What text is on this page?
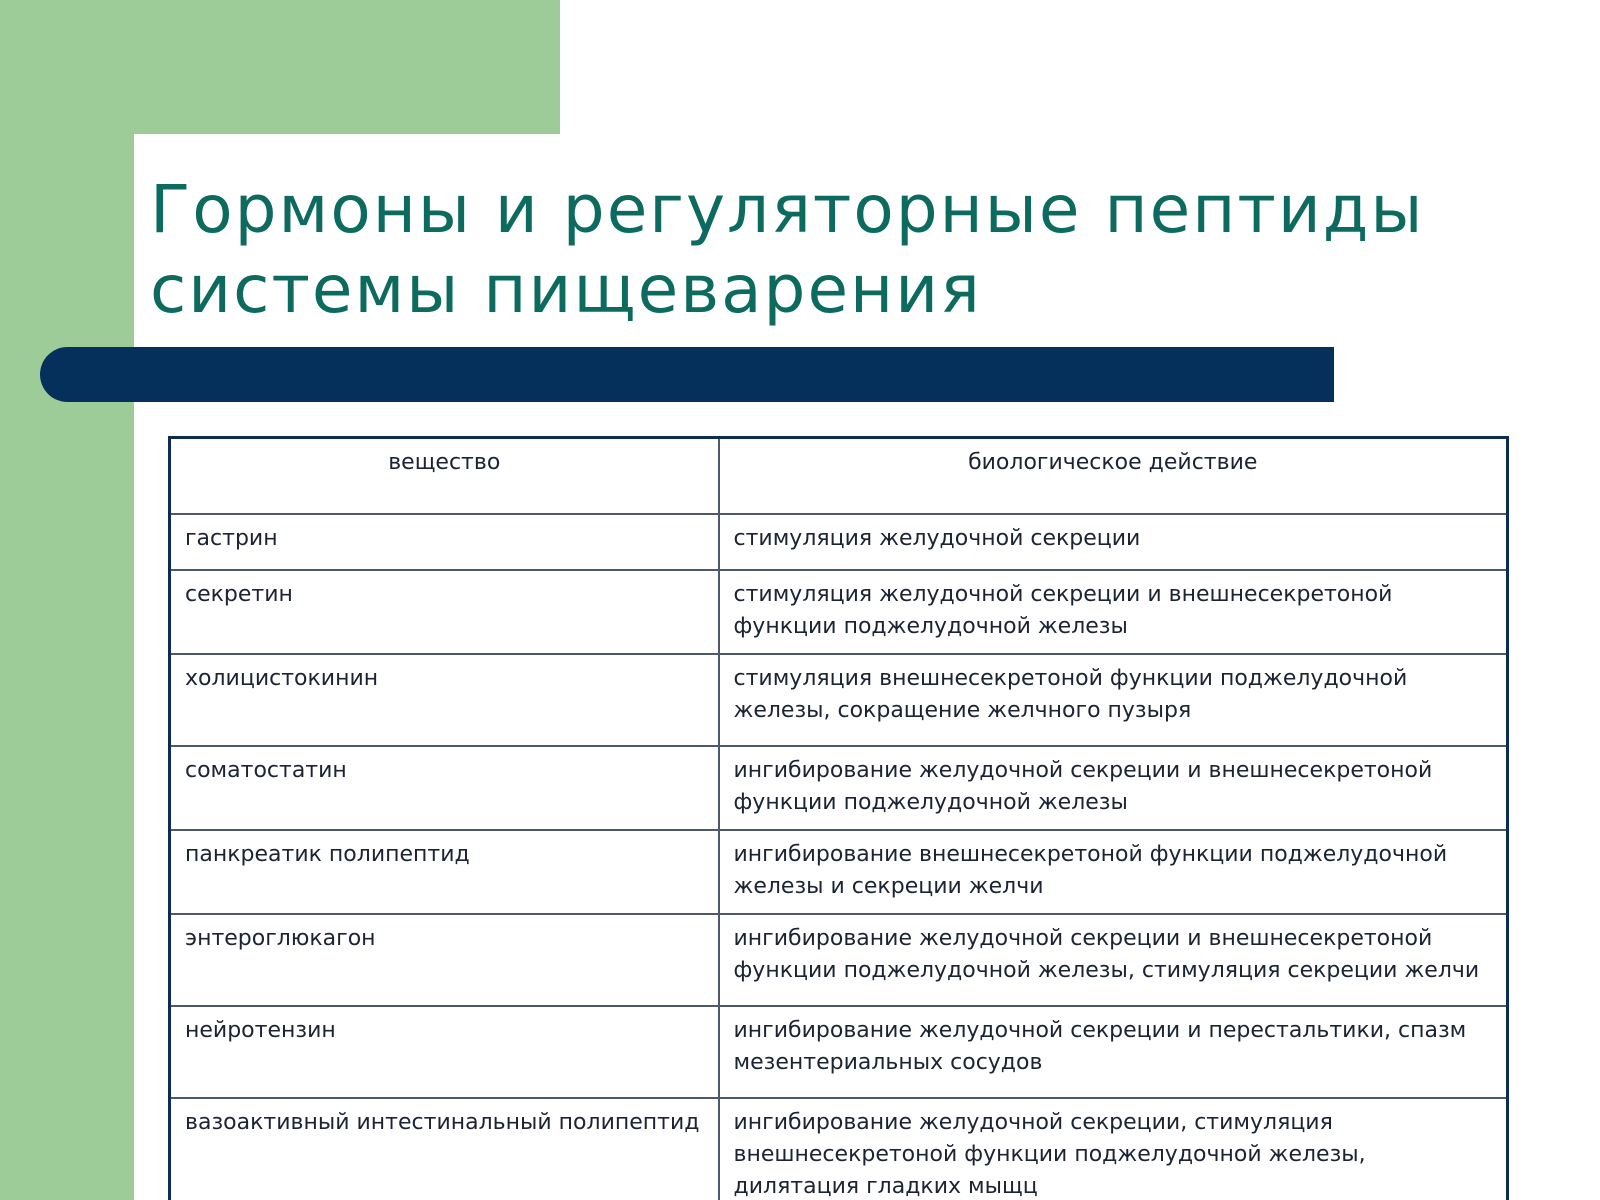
Гормоны и регуляторные пептиды
системы пищеварения
вещество	биологическое действие
гастрин	стимуляция желудочной секреции
секретин	стимуляция желудочной секреции и внешнесекретоной функции поджелудочной железы
холицистокинин	стимуляция внешнесекретоной функции поджелудочной железы, сокращение желчного пузыря
соматостатин	ингибирование желудочной секреции и внешнесекретоной функции поджелудочной железы
панкреатик полипептид	ингибирование внешнесекретоной функции поджелудочной железы и секреции желчи
энтероглюкагон	ингибирование желудочной секреции и внешнесекретоной функции поджелудочной железы, стимуляция секреции желчи
нейротензин	ингибирование желудочной секреции и перестальтики, спазм мезентериальных сосудов
вазоактивный интестинальный полипептид	ингибирование желудочной секреции, стимуляция внешнесекретоной функции поджелудочной железы, дилятация гладких мыщц
